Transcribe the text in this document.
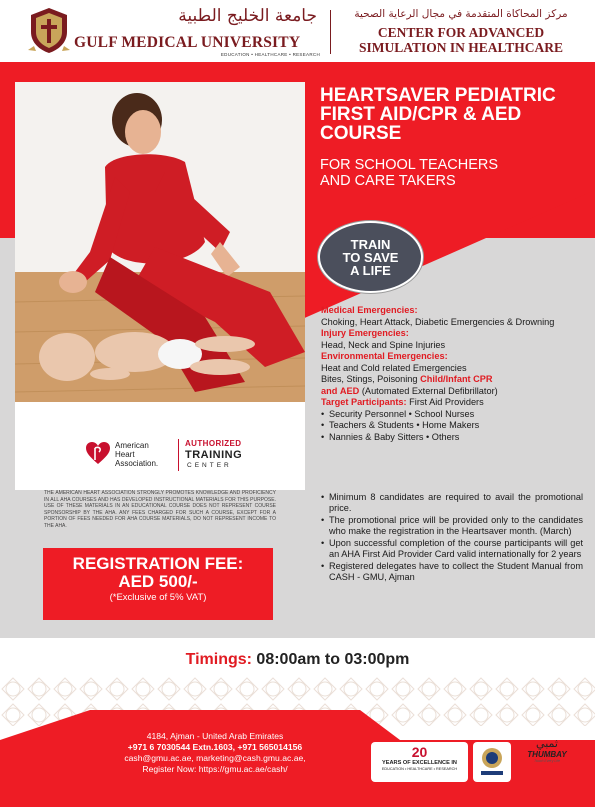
جامعة الخليج الطبية
GULF MEDICAL UNIVERSITY
EDUCATION • HEALTHCARE • RESEARCH
مركز المحاكاة المتقدمة في مجال الرعاية الصحية
CENTER FOR ADVANCED
SIMULATION IN HEALTHCARE
American
Heart
Association.
AUTHORIZED
TRAINING
CENTER
HEARTSAVER PEDIATRIC
FIRST AID/CPR & AED
COURSE
FOR SCHOOL TEACHERS
AND CARE TAKERS
TRAIN
TO SAVE
A LIFE
Medical Emergencies:
Choking, Heart Attack, Diabetic Emergencies & Drowning
Injury Emergencies:
Head, Neck and Spine Injuries
Environmental Emergencies:
Heat and Cold related Emergencies
Bites, Stings, Poisoning Child/Infant CPR
and AED (Automated External Defibrillator)
Target Participants: First Aid Providers
• Security Personnel • School Nurses
• Teachers & Students • Home Makers
• Nannies & Baby Sitters • Others
• Minimum 8 candidates are required to avail the promotional price.
• The promotional price will be provided only to the candidates who make the registration in the Heartsaver month. (March)
• Upon successful completion of the course participants will get an AHA First Aid Provider Card valid internationally for 2 years
• Registered delegates have to collect the Student Manual from CASH - GMU, Ajman
THE AMERICAN HEART ASSOCIATION STRONGLY PROMOTES KNOWLEDGE AND PROFICIENCY IN ALL AHA COURSES AND HAS DEVELOPED INSTRUCTIONAL MATERIALS FOR THIS PURPOSE. USE OF THESE MATERIALS IN AN EDUCATIONAL COURSE DOES NOT REPRESENT COURSE SPONSORSHIP BY THE AHA. ANY FEES CHARGED FOR SUCH A COURSE, EXCEPT FOR A PORTION OF FEES NEEDED FOR AHA COURSE MATERIALS, DO NOT REPRESENT INCOME TO THE AHA.
REGISTRATION FEE:
AED 500/-
(*Exclusive of 5% VAT)
Timings: 08:00am to 03:00pm
4184, Ajman - United Arab Emirates
+971 6 7030544 Extn.1603, +971 565014156
cash@gmu.ac.ae, marketing@cash.gmu.ac.ae,
Register Now: https://gmu.ac.ae/cash/
20
YEARS OF EXCELLENCE IN
EDUCATION • HEALTHCARE • RESEARCH
ثمبي
THUMBAY
Touch Every Life
